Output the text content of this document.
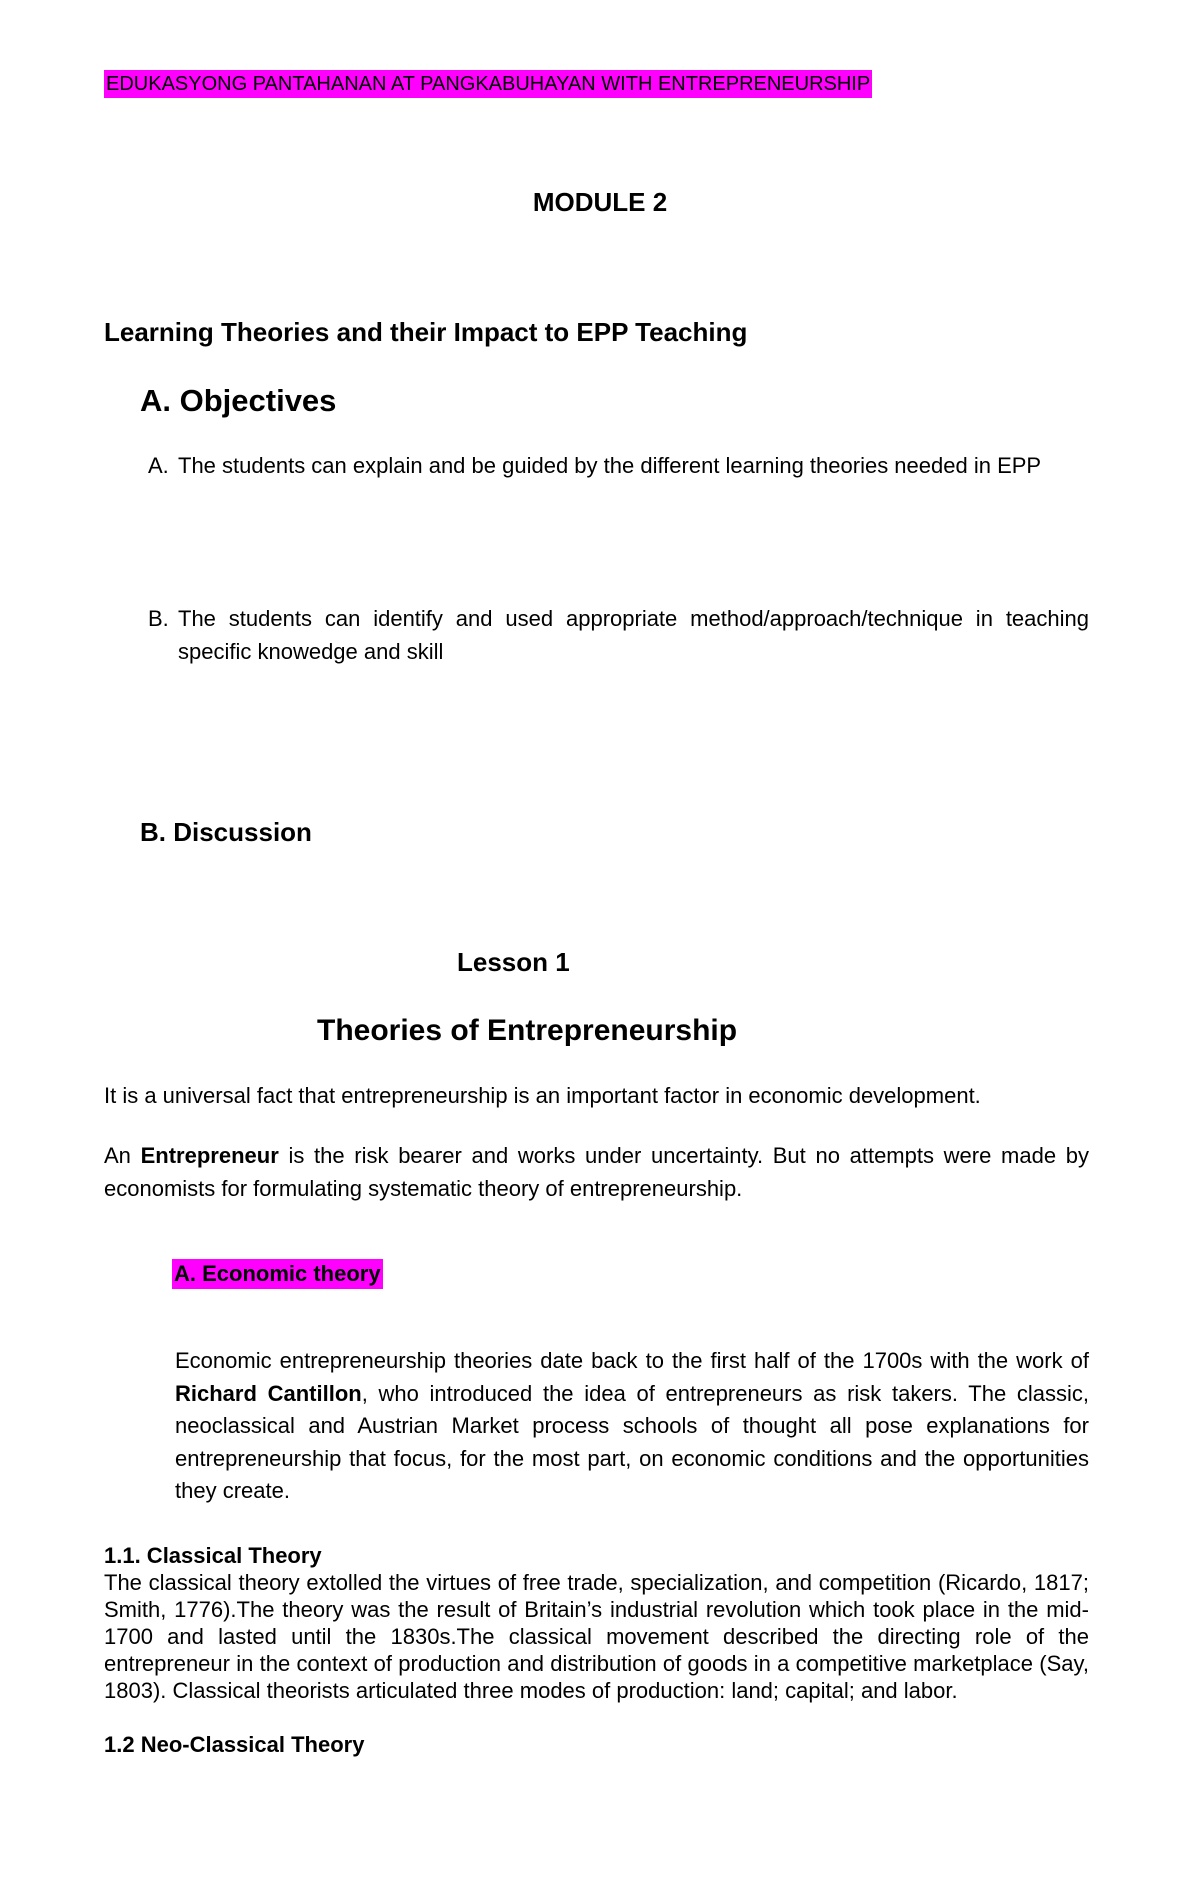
EDUKASYONG PANTAHANAN AT PANGKABUHAYAN WITH ENTREPRENEURSHIP
MODULE 2
Learning Theories and their Impact to EPP Teaching
A. Objectives
A. The students can explain and be guided by the different learning theories needed in EPP
B. The students can identify and used appropriate method/approach/technique in teaching specific knowedge and skill
B. Discussion
Lesson 1
Theories of Entrepreneurship

It is a universal fact that entrepreneurship is an important factor in economic development.

An Entrepreneur is the risk bearer and works under uncertainty. But no attempts were made by economists for formulating systematic theory of entrepreneurship.

A. Economic theory

Economic entrepreneurship theories date back to the first half of the 1700s with the work of Richard Cantillon, who introduced the idea of entrepreneurs as risk takers. The classic, neoclassical and Austrian Market process schools of thought all pose explanations for entrepreneurship that focus, for the most part, on economic conditions and the opportunities they create.

1.1. Classical Theory

The classical theory extolled the virtues of free trade, specialization, and competition (Ricardo, 1817; Smith, 1776).The theory was the result of Britain’s industrial revolution which took place in the mid-1700 and lasted until the 1830s.The classical movement described the directing role of the entrepreneur in the context of production and distribution of goods in a competitive marketplace (Say, 1803). Classical theorists articulated three modes of production: land; capital; and labor.

1.2 Neo-Classical Theory
